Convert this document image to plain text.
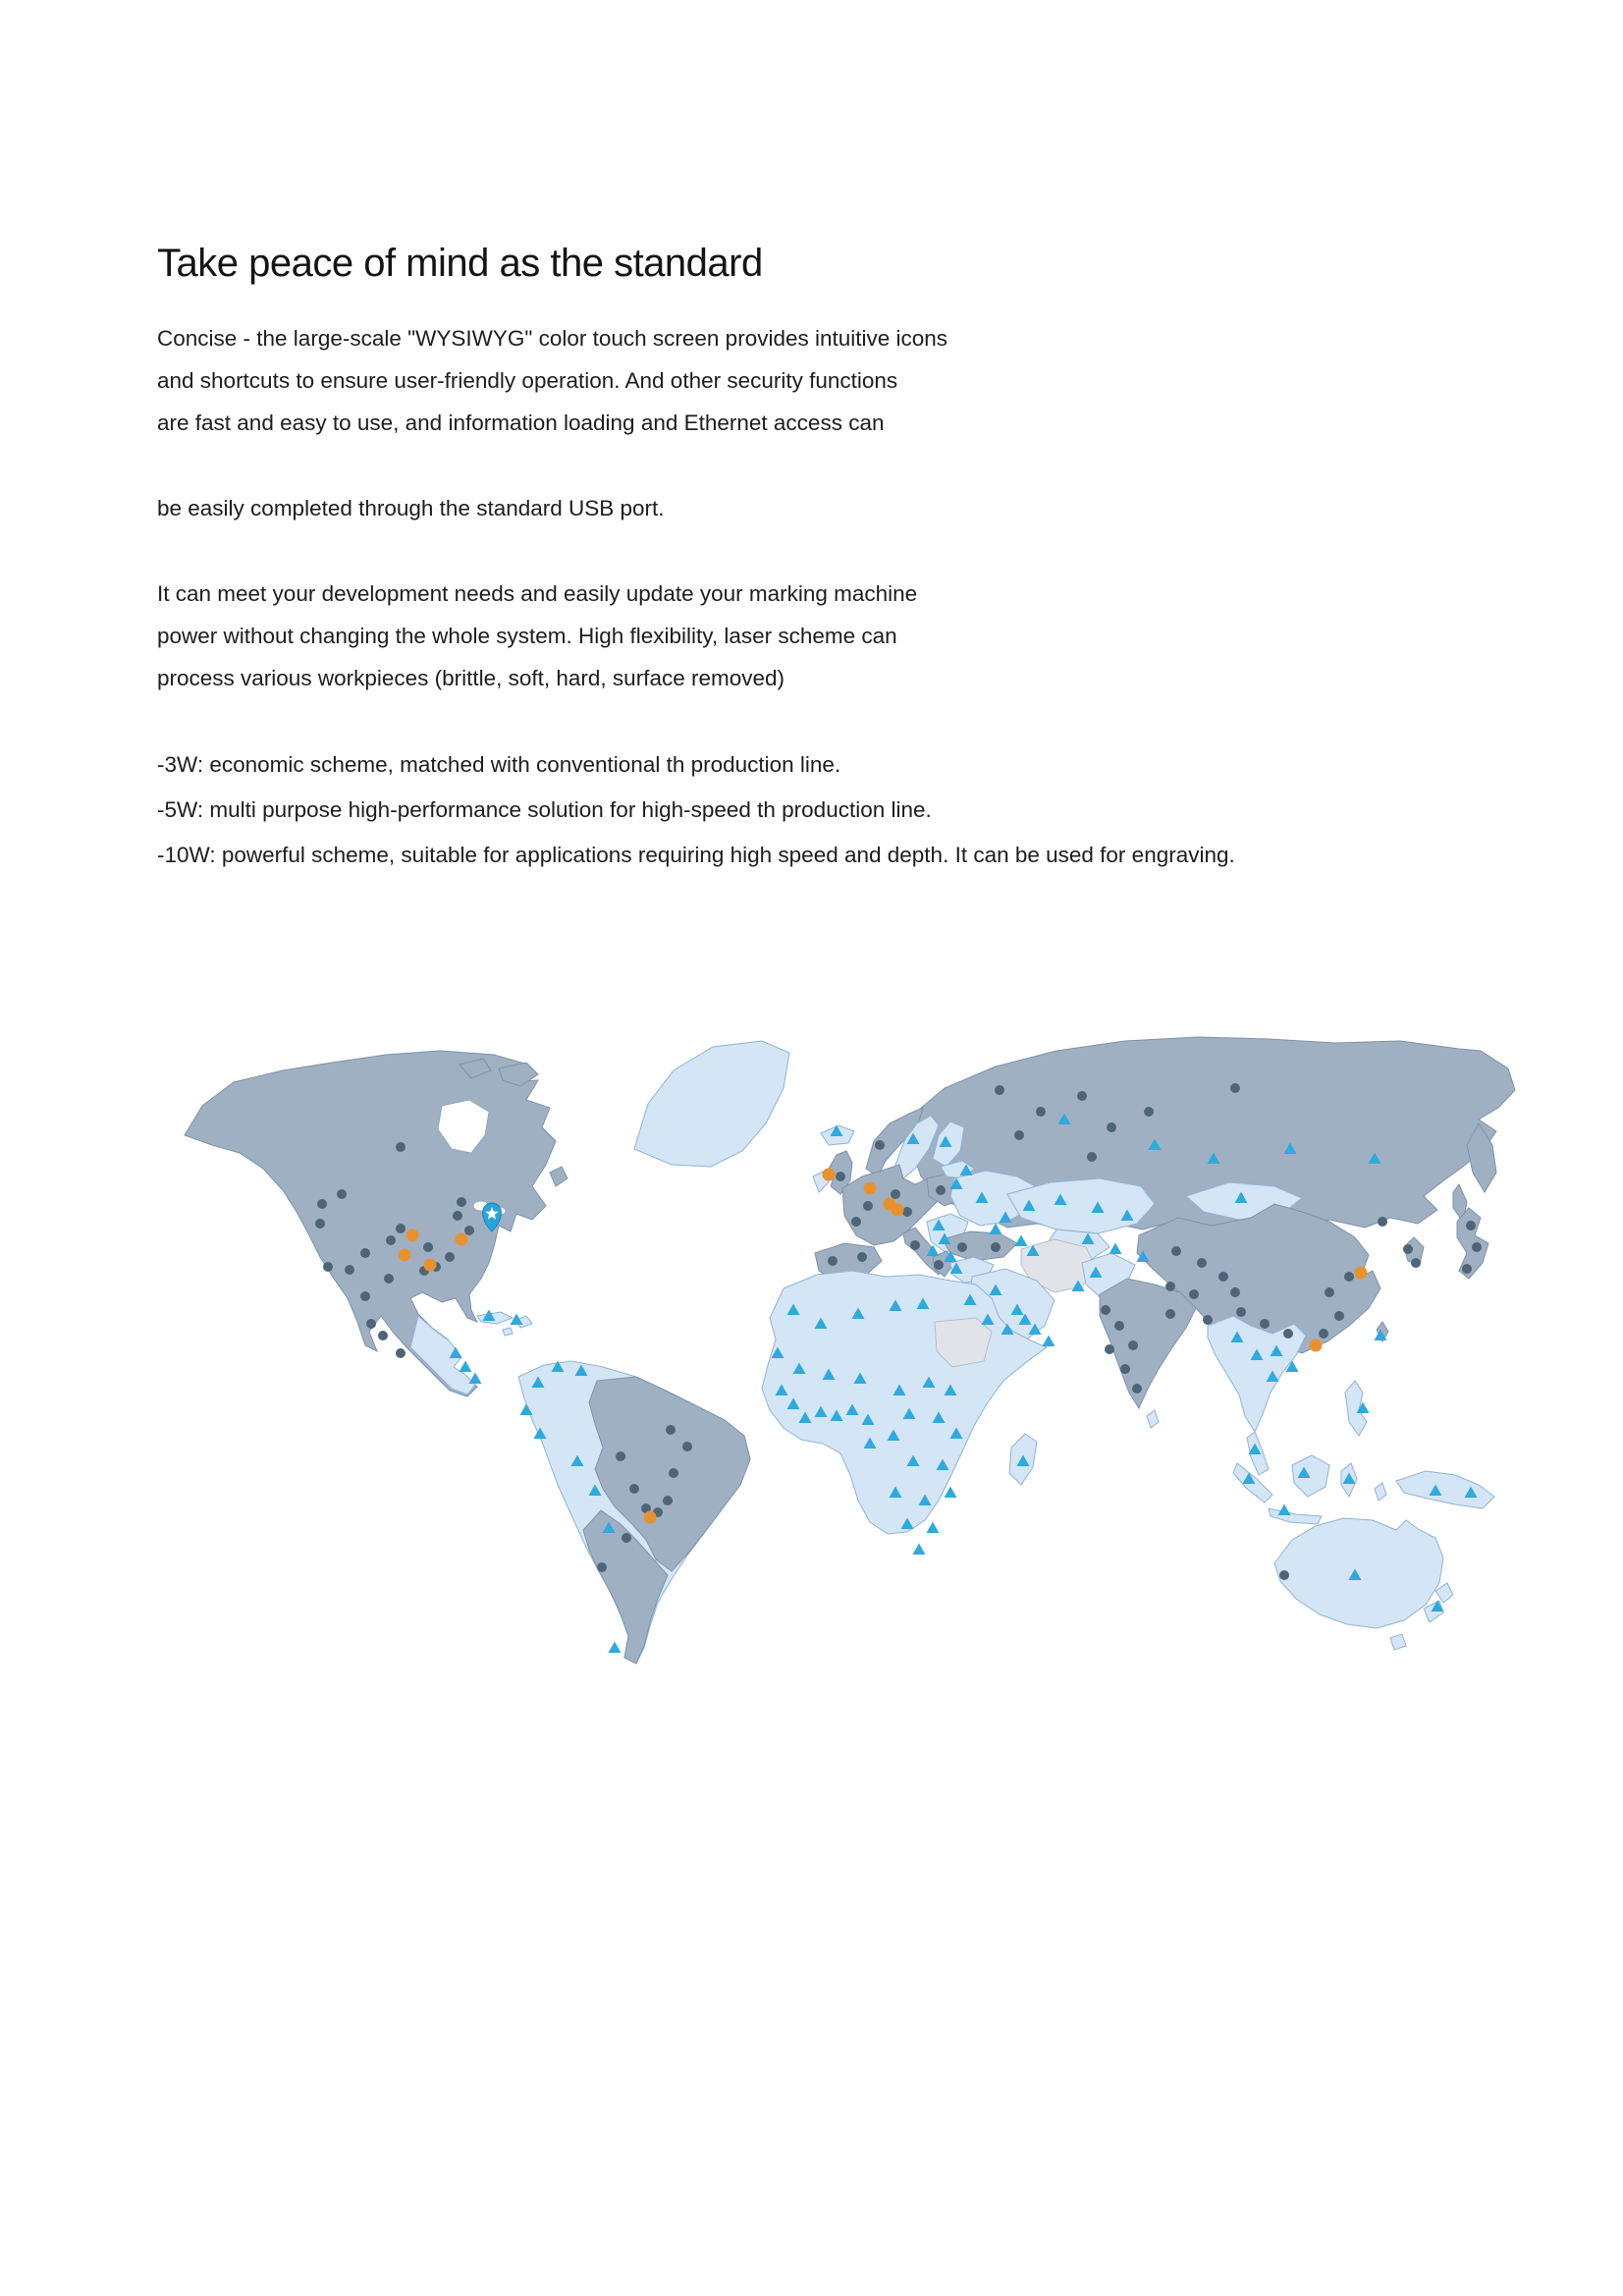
Take peace of mind as the standard
Concise - the large-scale "WYSIWYG" color touch screen provides intuitive icons
and shortcuts to ensure user-friendly operation. And other security functions
are fast and easy to use, and information loading and Ethernet access can
be easily completed through the standard USB port.
It can meet your development needs and easily update your marking machine
power without changing the whole system. High flexibility, laser scheme can
process various workpieces (brittle, soft, hard, surface removed)
-3W: economic scheme, matched with conventional th production line.
-5W: multi purpose high-performance solution for high-speed th production line.
-10W: powerful scheme, suitable for applications requiring high speed and depth. It can be used for engraving.
